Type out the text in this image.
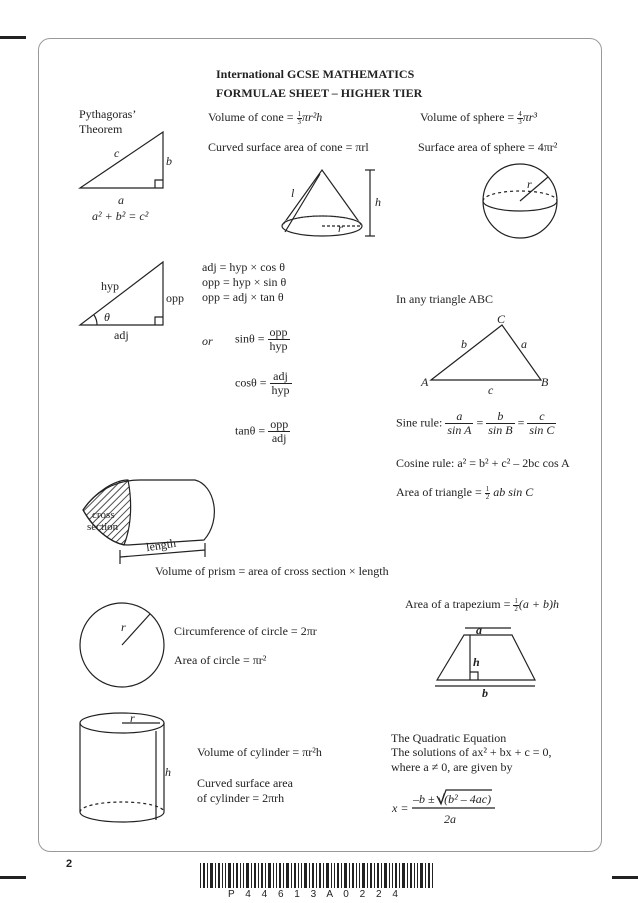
International GCSE MATHEMATICS
FORMULAE SHEET – HIGHER TIER
Pythagoras’
Theorem
c
b
a
a² + b² = c²
Volume of cone = $\frac{1}{3} \pi r^2h$
Curved surface area of cone = πrl
l
h
r
Volume of sphere = $\frac{4}{3} \pi r^3$
Surface area of sphere = 4πr²
r
hyp
opp
θ
adj
adj = hyp × cos θ
opp = hyp × sin θ
opp = adj × tan θ
or $\sin\theta = \frac{\text{opp}}{\text{hyp}}$
$\cos\theta = \frac{\text{adj}}{\text{hyp}}$
$\tan\theta = \frac{\text{opp}}{\text{adj}}$
In any triangle ABC
C
A	B
b	a
c
Sine rule: $\frac{a}{\text{sin A}} = \frac{b}{\text{sin B}} = \frac{c}{\text{sin C}}$
Cosine rule: a² = b² + c² – 2bc cos A
Area of triangle = $\frac{1}{2}$ ab sin C
cross
section
length
Volume of prism = area of cross section × length
r	Circumference of circle = 2πr
Area of circle = πr²
Area of a trapezium = $\frac{1}{2} (a + b)h$
a
h
b
r
h
Volume of cylinder = πr²h
Curved surface area
of cylinder = 2πrh
The Quadratic Equation
The solutions of ax² + bx + c = 0,
where a ≠ 0, are given by
x =
–b ± √(b² – 4ac)
2a
2
P 4 4 6 1 3 A 0 2 2 4
